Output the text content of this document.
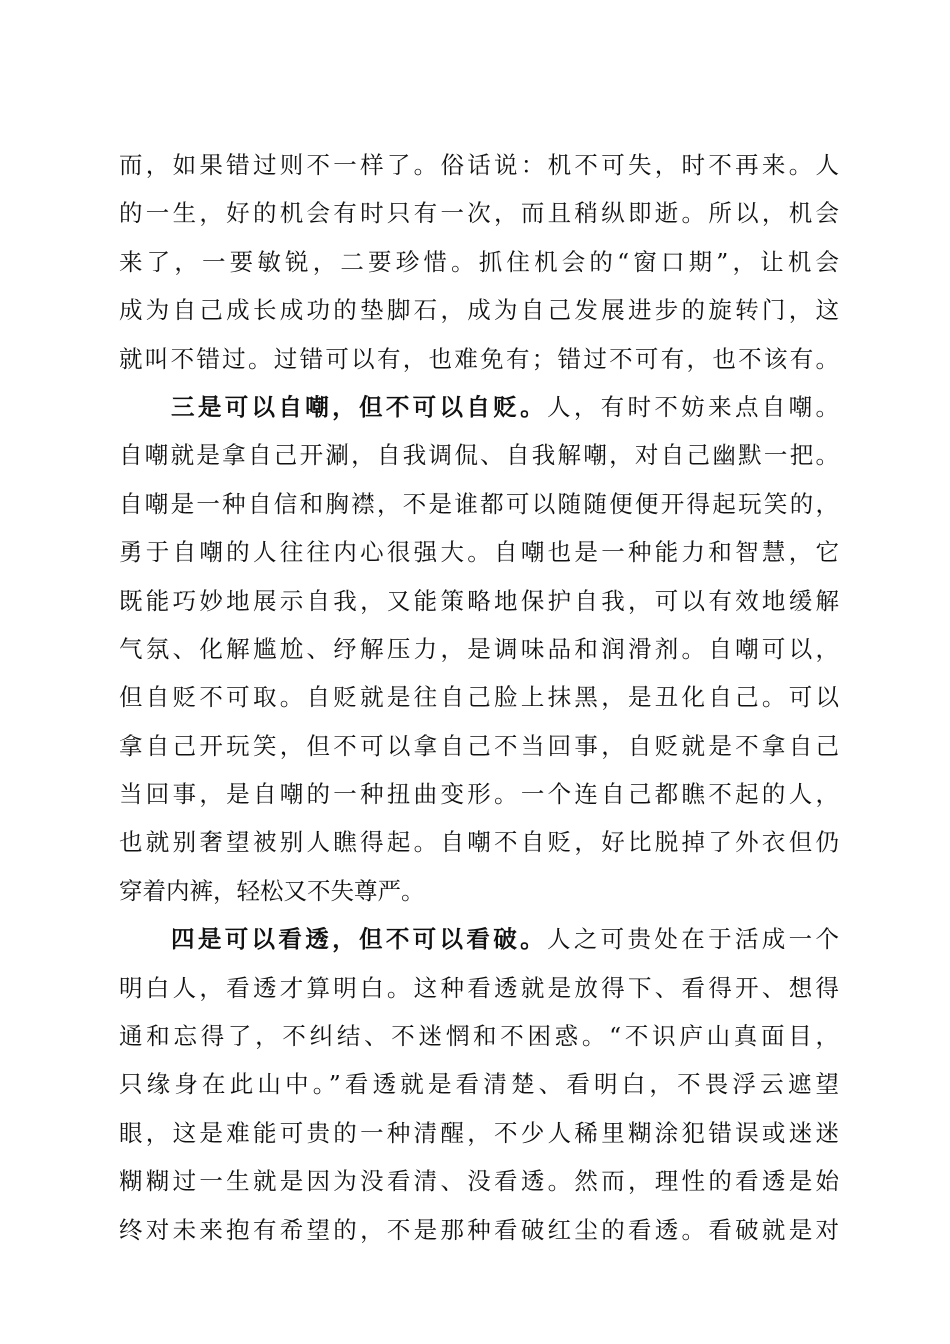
而，如果错过则不一样了。俗话说：机不可失，时不再来。人
的一生，好的机会有时只有一次，而且稍纵即逝。所以，机会
来了，一要敏锐，二要珍惜。抓住机会的“窗口期”，让机会
成为自己成长成功的垫脚石，成为自己发展进步的旋转门，这
就叫不错过。过错可以有，也难免有；错过不可有，也不该有。
三是可以自嘲，但不可以自贬。人，有时不妨来点自嘲。
自嘲就是拿自己开涮，自我调侃、自我解嘲，对自己幽默一把。
自嘲是一种自信和胸襟，不是谁都可以随随便便开得起玩笑的，
勇于自嘲的人往往内心很强大。自嘲也是一种能力和智慧，它
既能巧妙地展示自我，又能策略地保护自我，可以有效地缓解
气氛、化解尴尬、纾解压力，是调味品和润滑剂。自嘲可以，
但自贬不可取。自贬就是往自己脸上抹黑，是丑化自己。可以
拿自己开玩笑，但不可以拿自己不当回事，自贬就是不拿自己
当回事，是自嘲的一种扭曲变形。一个连自己都瞧不起的人，
也就别奢望被别人瞧得起。自嘲不自贬，好比脱掉了外衣但仍
穿着内裤，轻松又不失尊严。
四是可以看透，但不可以看破。人之可贵处在于活成一个
明白人，看透才算明白。这种看透就是放得下、看得开、想得
通和忘得了，不纠结、不迷惘和不困惑。“不识庐山真面目，
只缘身在此山中。”看透就是看清楚、看明白，不畏浮云遮望
眼，这是难能可贵的一种清醒，不少人稀里糊涂犯错误或迷迷
糊糊过一生就是因为没看清、没看透。然而，理性的看透是始
终对未来抱有希望的，不是那种看破红尘的看透。看破就是对
